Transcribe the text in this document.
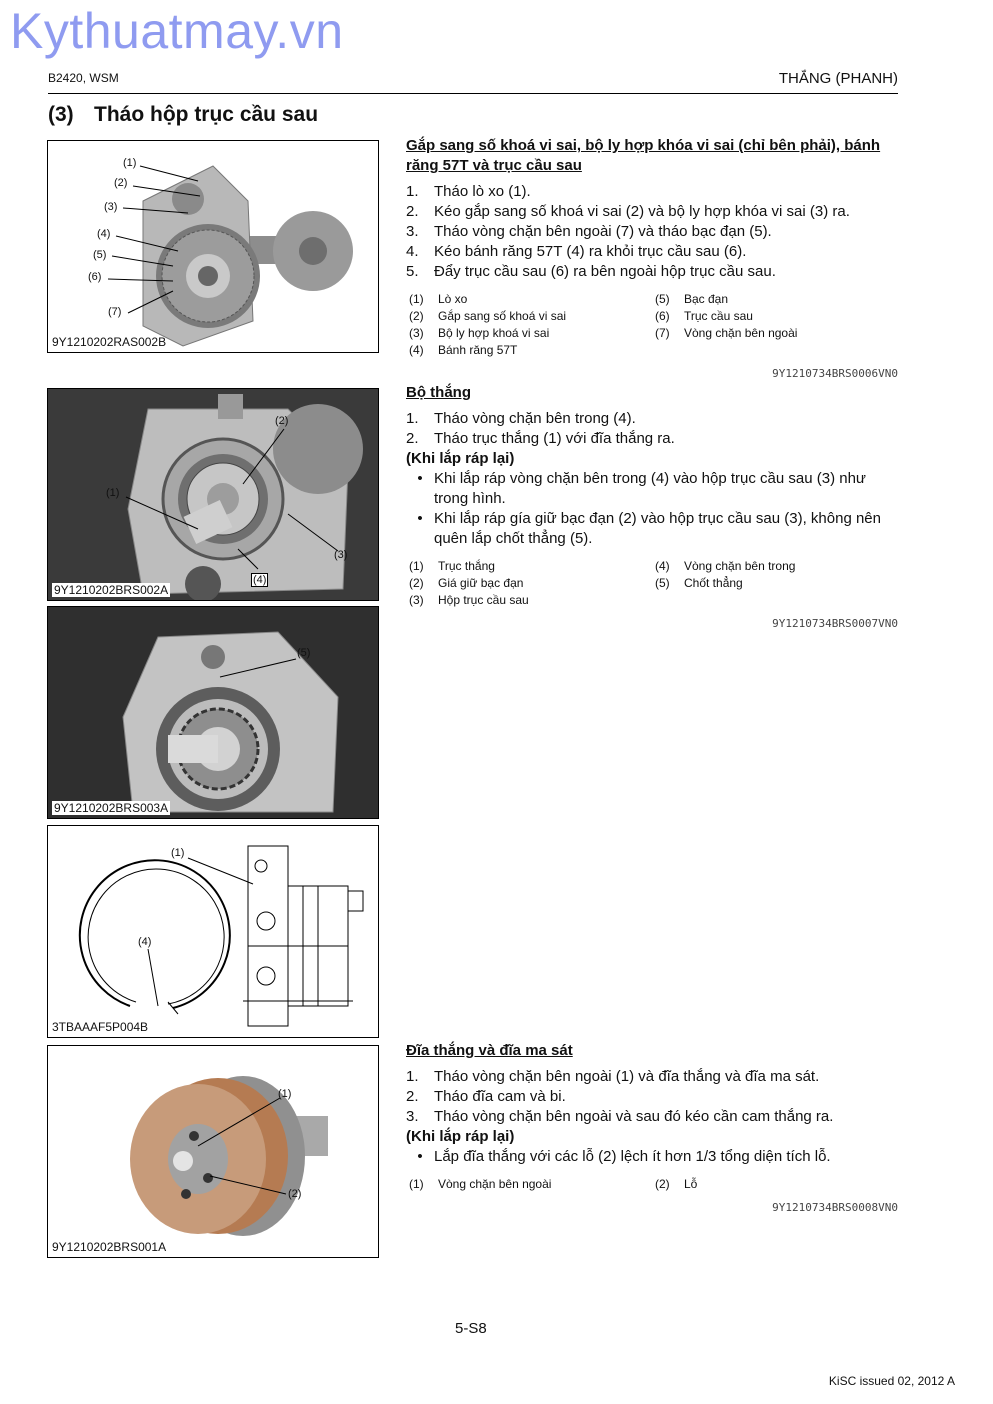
Kythuatmay.vn
B2420, WSM	THẮNG (PHANH)
(3) Tháo hộp trục cầu sau
(1)
(2)
(3)
(4)
(5)
(6)
(7)
9Y1210202RAS002B
(2)
(1)
(3)
(4)
9Y1210202BRS002A
(5)
9Y1210202BRS003A
(1)
(4)
3TBAAAF5P004B
(1)
(2)
9Y1210202BRS001A
Gắp sang số khoá vi sai, bộ ly hợp khóa vi sai (chỉ bên phải), bánh răng 57T và trục cầu sau
1.	Tháo lò xo (1).
2.	Kéo gắp sang số khoá vi sai (2) và bộ ly hợp khóa vi sai (3) ra.
3.	Tháo vòng chặn bên ngoài (7) và tháo bạc đạn (5).
4.	Kéo bánh răng 57T (4) ra khỏi trục cầu sau (6).
5.	Đẩy trục cầu sau (6) ra bên ngoài hộp trục cầu sau.
(1)	Lò xo	(5)	Bạc đạn
(2)	Gắp sang số khoá vi sai	(6)	Trục cầu sau
(3)	Bộ ly hợp khoá vi sai	(7)	Vòng chặn bên ngoài
(4)	Bánh răng 57T
9Y1210734BRS0006VN0
Bộ thắng
1.	Tháo vòng chặn bên trong (4).
2.	Tháo trục thắng (1) với đĩa thắng ra.
(Khi lắp ráp lại)
• Khi lắp ráp vòng chặn bên trong (4) vào hộp trục cầu sau (3) như trong hình.
• Khi lắp ráp gía giữ bạc đạn (2) vào hộp trục cầu sau (3), không nên quên lắp chốt thẳng (5).
(1)	Trục thắng	(4)	Vòng chặn bên trong
(2)	Giá giữ bạc đạn	(5)	Chốt thẳng
(3)	Hộp trục cầu sau
9Y1210734BRS0007VN0
Đĩa thắng và đĩa ma sát
1.	Tháo vòng chặn bên ngoài (1) và đĩa thắng và đĩa ma sát.
2.	Tháo đĩa cam và bi.
3.	Tháo vòng chặn bên ngoài và sau đó kéo cần cam thắng ra.
(Khi lắp ráp lại)
• Lắp đĩa thắng với các lỗ (2) lệch ít hơn 1/3 tổng diện tích lỗ.
(1)	Vòng chặn bên ngoài	(2)	Lỗ
9Y1210734BRS0008VN0
5-S8
KiSC issued 02, 2012 A
